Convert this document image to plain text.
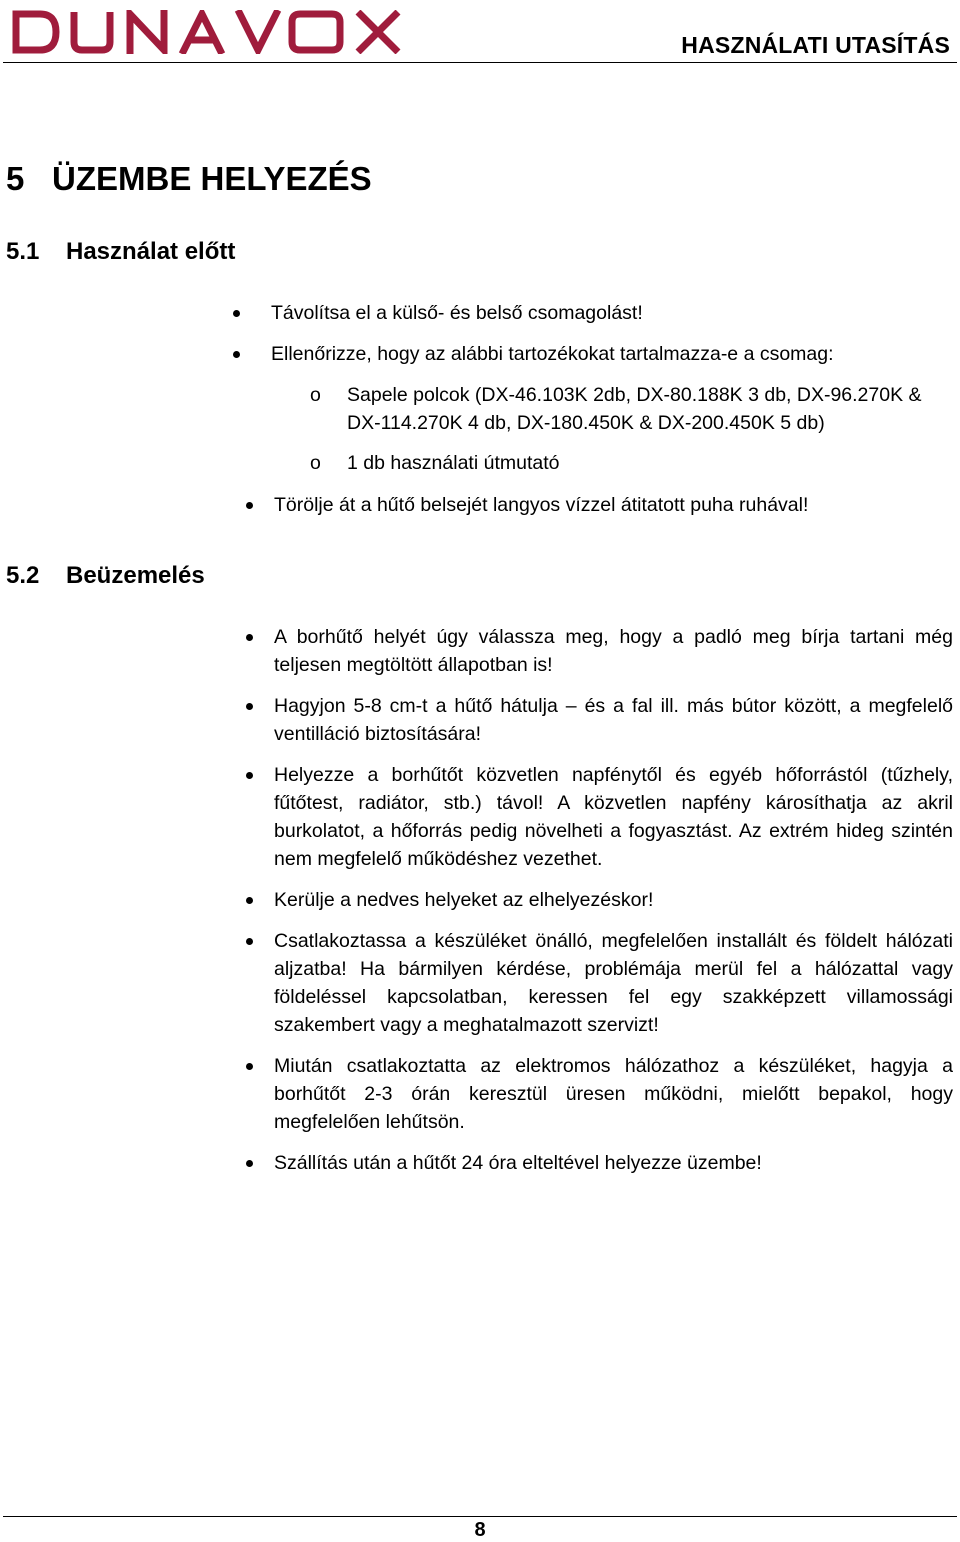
HASZNÁLATI UTASÍTÁS
5 ÜZEMBE HELYEZÉS
5.1 Használat előtt
Távolítsa el a külső- és belső csomagolást!
Ellenőrizze, hogy az alábbi tartozékokat tartalmazza-e a csomag:
o Sapele polcok (DX-46.103K 2db, DX-80.188K 3 db, DX-96.270K & DX-114.270K 4 db, DX-180.450K & DX-200.450K 5 db)
o 1 db használati útmutató
Törölje át a hűtő belsejét langyos vízzel átitatott puha ruhával!
5.2 Beüzemelés
A borhűtő helyét úgy válassza meg, hogy a padló meg bírja tartani még teljesen megtöltött állapotban is!
Hagyjon 5-8 cm-t a hűtő hátulja – és a fal ill. más bútor között, a megfelelő ventilláció biztosítására!
Helyezze a borhűtőt közvetlen napfénytől és egyéb hőforrástól (tűzhely, fűtőtest, radiátor, stb.) távol! A közvetlen napfény károsíthatja az akril burkolatot, a hőforrás pedig növelheti a fogyasztást. Az extrém hideg szintén nem megfelelő működéshez vezethet.
Kerülje a nedves helyeket az elhelyezéskor!
Csatlakoztassa a készüléket önálló, megfelelően installált és földelt hálózati aljzatba! Ha bármilyen kérdése, problémája merül fel a hálózattal vagy földeléssel kapcsolatban, keressen fel egy szakképzett villamossági szakembert vagy a meghatalmazott szervizt!
Miután csatlakoztatta az elektromos hálózathoz a készüléket, hagyja a borhűtőt 2-3 órán keresztül üresen működni, mielőtt bepakol, hogy megfelelően lehűtsön.
Szállítás után a hűtőt 24 óra elteltével helyezze üzembe!
8
